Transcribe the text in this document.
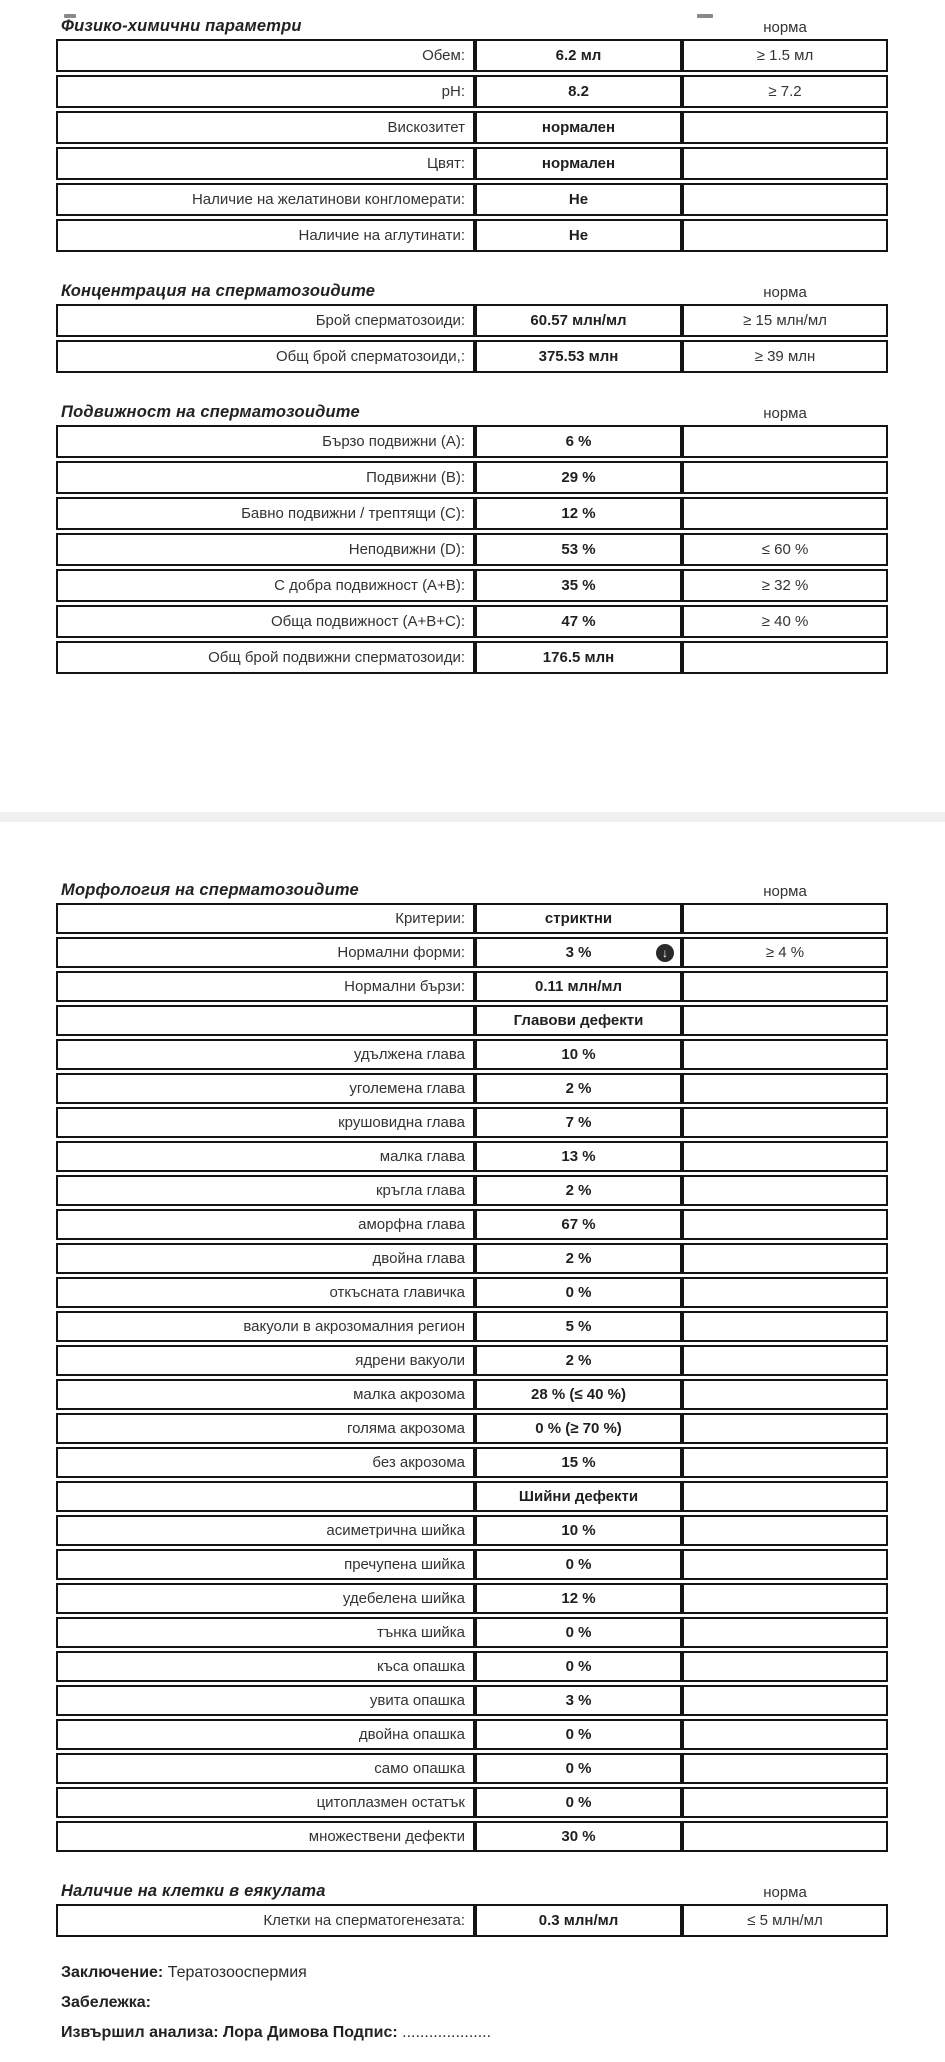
Физико-химични параметри	норма
Обем:	6.2 мл	≥ 1.5 мл
pH:	8.2	≥ 7.2
Вискозитет	нормален	
Цвят:	нормален	
Наличие на желатинови конгломерати:	Не	
Наличие на аглутинати:	Не	
Концентрация на сперматозоидите	норма
Брой сперматозоиди:	60.57 млн/мл	≥ 15 млн/мл
Общ брой сперматозоиди,:	375.53 млн	≥ 39 млн
Подвижност на сперматозоидите	норма
Бързо подвижни (A):	6 %	
Подвижни (B):	29 %	
Бавно подвижни / трептящи (C):	12 %	
Неподвижни (D):	53 %	≤ 60 %
С добра подвижност (A+B):	35 %	≥ 32 %
Обща подвижност (A+B+C):	47 %	≥ 40 %
Общ брой подвижни сперматозоиди:	176.5 млн	
Морфология на сперматозоидите	норма
Критерии:	стриктни	
Нормални форми:	3 % ↓	≥ 4 %
Нормални бързи:	0.11 млн/мл	
	Главови дефекти	
удължена глава	10 %	
уголемена глава	2 %	
крушовидна глава	7 %	
малка глава	13 %	
кръгла глава	2 %	
аморфна глава	67 %	
двойна глава	2 %	
откъсната главичка	0 %	
вакуоли в акрозомалния регион	5 %	
ядрени вакуоли	2 %	
малка акрозома	28 % (≤ 40 %)	
голяма акрозома	0 % (≥ 70 %)	
без акрозома	15 %	
	Шийни дефекти	
асиметрична шийка	10 %	
пречупена шийка	0 %	
удебелена шийка	12 %	
тънка шийка	0 %	
къса опашка	0 %	
увита опашка	3 %	
двойна опашка	0 %	
само опашка	0 %	
цитоплазмен остатък	0 %	
множествени дефекти	30 %	
Наличие на клетки в еякулата	норма
Клетки на сперматогенезата:	0.3 млн/мл	≤ 5 млн/мл

Заключение: Тератозооспермия

Забележка:

Извършил анализа: Лора Димова Подпис: ....................
